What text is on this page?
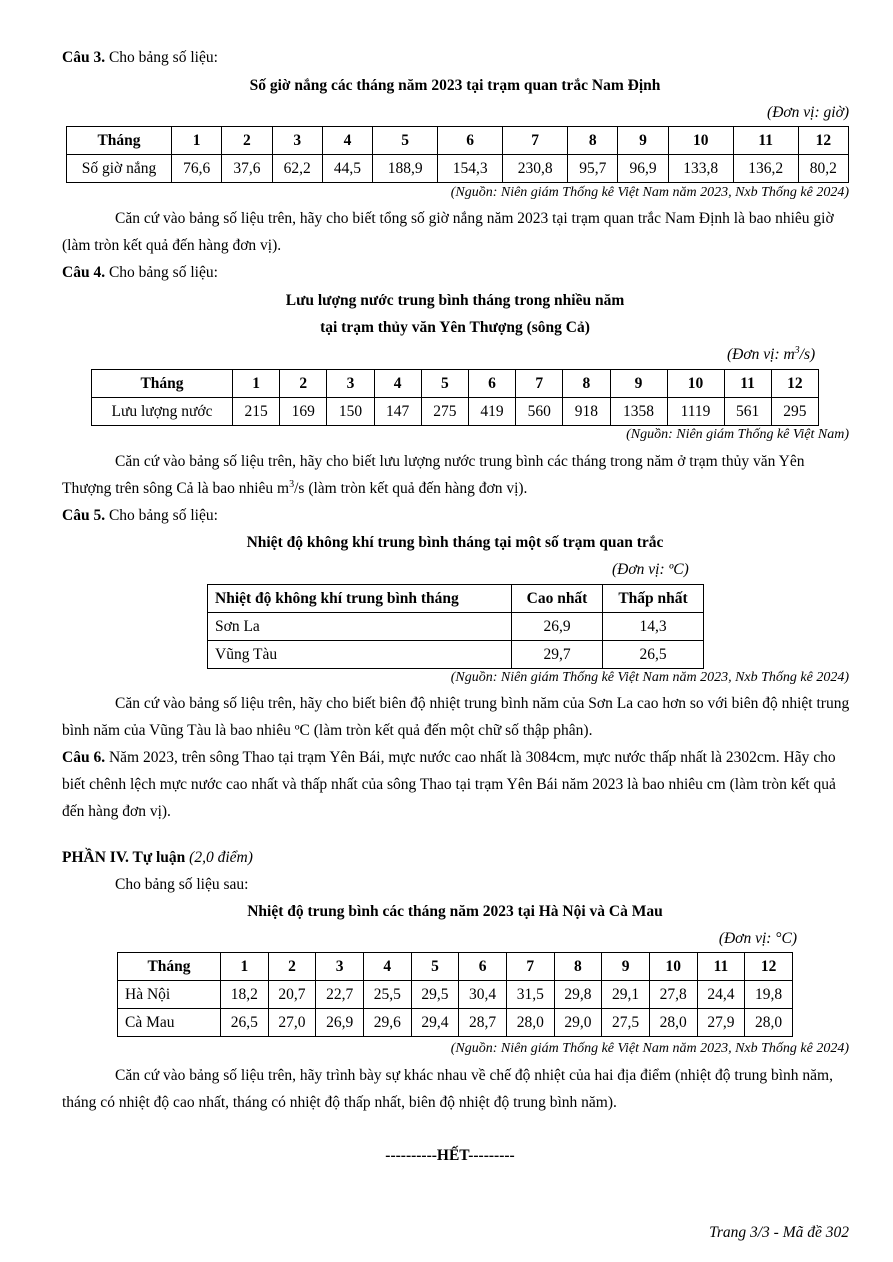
Câu 3. Cho bảng số liệu:

Số giờ nắng các tháng năm 2023 tại trạm quan trắc Nam Định

(Đơn vị: giờ)

Tháng	1	2	3	4	5	6	7	8	9	10	11	12
Số giờ nắng	76,6	37,6	62,2	44,5	188,9	154,3	230,8	95,7	96,9	133,8	136,2	80,2

(Nguồn: Niên giám Thống kê Việt Nam năm 2023, Nxb Thống kê 2024)

Căn cứ vào bảng số liệu trên, hãy cho biết tổng số giờ nắng năm 2023 tại trạm quan trắc Nam Định là bao nhiêu giờ (làm tròn kết quả đến hàng đơn vị).

Câu 4. Cho bảng số liệu:

Lưu lượng nước trung bình tháng trong nhiều năm

tại trạm thủy văn Yên Thượng (sông Cả)

(Đơn vị: $m^3/s$)

Tháng	1	2	3	4	5	6	7	8	9	10	11	12
Lưu lượng nước	215	169	150	147	275	419	560	918	1358	1119	561	295

(Nguồn: Niên giám Thống kê Việt Nam)

Căn cứ vào bảng số liệu trên, hãy cho biết lưu lượng nước trung bình các tháng trong năm ở trạm thủy văn Yên Thượng trên sông Cả là bao nhiêu $m^3/s$ (làm tròn kết quả đến hàng đơn vị).

Câu 5. Cho bảng số liệu:

Nhiệt độ không khí trung bình tháng tại một số trạm quan trắc

(Đơn vị: ºC)

Nhiệt độ không khí trung bình tháng	Cao nhất	Thấp nhất
Sơn La	26,9	14,3
Vũng Tàu	29,7	26,5

(Nguồn: Niên giám Thống kê Việt Nam năm 2023, Nxb Thống kê 2024)

Căn cứ vào bảng số liệu trên, hãy cho biết biên độ nhiệt trung bình năm của Sơn La cao hơn so với biên độ nhiệt trung bình năm của Vũng Tàu là bao nhiêu ºC (làm tròn kết quả đến một chữ số thập phân).

Câu 6. Năm 2023, trên sông Thao tại trạm Yên Bái, mực nước cao nhất là 3084cm, mực nước thấp nhất là 2302cm. Hãy cho biết chênh lệch mực nước cao nhất và thấp nhất của sông Thao tại trạm Yên Bái năm 2023 là bao nhiêu cm (làm tròn kết quả đến hàng đơn vị).

PHẦN IV. Tự luận (2,0 điểm)

Cho bảng số liệu sau:

Nhiệt độ trung bình các tháng năm 2023 tại Hà Nội và Cà Mau

(Đơn vị: °C)

Tháng	1	2	3	4	5	6	7	8	9	10	11	12
Hà Nội	18,2	20,7	22,7	25,5	29,5	30,4	31,5	29,8	29,1	27,8	24,4	19,8
Cà Mau	26,5	27,0	26,9	29,6	29,4	28,7	28,0	29,0	27,5	28,0	27,9	28,0

(Nguồn: Niên giám Thống kê Việt Nam năm 2023, Nxb Thống kê 2024)

Căn cứ vào bảng số liệu trên, hãy trình bày sự khác nhau về chế độ nhiệt của hai địa điểm (nhiệt độ trung bình năm, tháng có nhiệt độ cao nhất, tháng có nhiệt độ thấp nhất, biên độ nhiệt độ trung bình năm).

----------HẾT---------

Trang 3/3 - Mã đề 302
